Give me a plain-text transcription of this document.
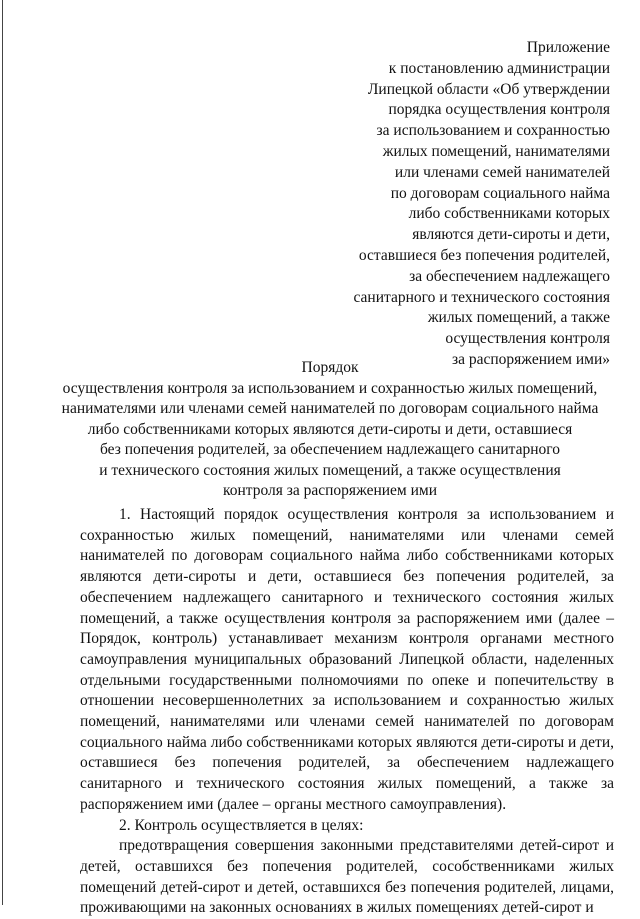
Приложение
к постановлению администрации
Липецкой области «Об утверждении
порядка осуществления контроля
за использованием и сохранностью
жилых помещений, нанимателями
или членами семей нанимателей
по договорам социального найма
либо собственниками которых
являются дети-сироты и дети,
оставшиеся без попечения родителей,
за обеспечением надлежащего
санитарного и технического состояния
жилых помещений, а также
осуществления контроля
за распоряжением ими»
Порядок
осуществления контроля за использованием и сохранностью жилых помещений,
нанимателями или членами семей нанимателей по договорам социального найма
либо собственниками которых являются дети-сироты и дети, оставшиеся
без попечения родителей, за обеспечением надлежащего санитарного
и технического состояния жилых помещений, а также осуществления
контроля за распоряжением ими

1. Настоящий порядок осуществления контроля за использованием и сохранностью жилых помещений, нанимателями или членами семей нанимателей по договорам социального найма либо собственниками которых являются дети-сироты и дети, оставшиеся без попечения родителей, за обеспечением надлежащего санитарного и технического состояния жилых помещений, а также осуществления контроля за распоряжением ими (далее – Порядок, контроль) устанавливает механизм контроля органами местного самоуправления муниципальных образований Липецкой области, наделенных отдельными государственными полномочиями по опеке и попечительству в отношении несовершеннолетних за использованием и сохранностью жилых помещений, нанимателями или членами семей нанимателей по договорам социального найма либо собственниками которых являются дети-сироты и дети, оставшиеся без попечения родителей, за обеспечением надлежащего санитарного и технического состояния жилых помещений, а также за распоряжением ими (далее – органы местного самоуправления).

2. Контроль осуществляется в целях:

предотвращения совершения законными представителями детей-сирот и детей, оставшихся без попечения родителей, сособственниками жилых помещений детей-сирот и детей, оставшихся без попечения родителей, лицами, проживающими на законных основаниях в жилых помещениях детей-сирот и
